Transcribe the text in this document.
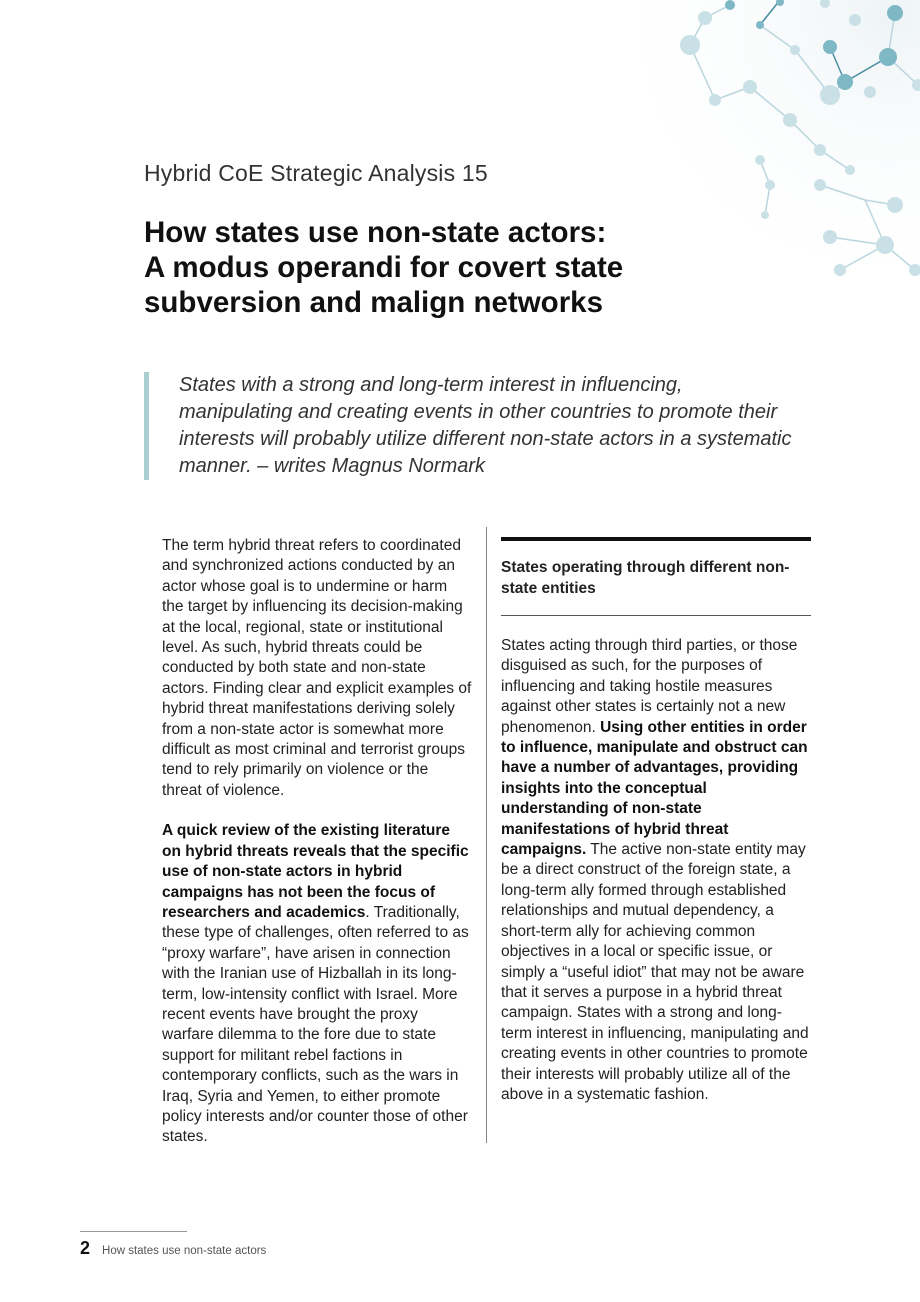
Hybrid CoE Strategic Analysis 15
How states use non-state actors:
A modus operandi for covert state
subversion and malign networks
States with a strong and long-term interest in influencing,
manipulating and creating events in other countries to promote their
interests will probably utilize different non-state actors in a systematic
manner. – writes Magnus Normark

The term hybrid threat refers to coordinated and synchronized actions conducted by an actor whose goal is to undermine or harm the target by influencing its decision-making at the local, regional, state or institutional level. As such, hybrid threats could be conducted by both state and non-state actors. Finding clear and explicit examples of hybrid threat manifestations deriving solely from a non-state actor is somewhat more difficult as most criminal and terrorist groups tend to rely primarily on violence or the threat of violence.

A quick review of the existing literature on hybrid threats reveals that the specific use of non-state actors in hybrid campaigns has not been the focus of researchers and academics. Traditionally, these type of challenges, often referred to as “proxy warfare”, have arisen in connection with the Iranian use of Hizballah in its long-term, low-intensity conflict with Israel. More recent events have brought the proxy warfare dilemma to the fore due to state support for militant rebel factions in contemporary conflicts, such as the wars in Iraq, Syria and Yemen, to either promote policy interests and/or counter those of other states.

States operating through different non-state entities

States acting through third parties, or those disguised as such, for the purposes of influencing and taking hostile measures against other states is certainly not a new phenomenon. Using other entities in order to influence, manipulate and obstruct can have a number of advantages, providing insights into the conceptual understanding of non-state manifestations of hybrid threat campaigns. The active non-state entity may be a direct construct of the foreign state, a long-term ally formed through established relationships and mutual dependency, a short-term ally for achieving common objectives in a local or specific issue, or simply a “useful idiot” that may not be aware that it serves a purpose in a hybrid threat campaign. States with a strong and long-term interest in influencing, manipulating and creating events in other countries to promote their interests will probably utilize all of the above in a systematic fashion.

2 How states use non-state actors
